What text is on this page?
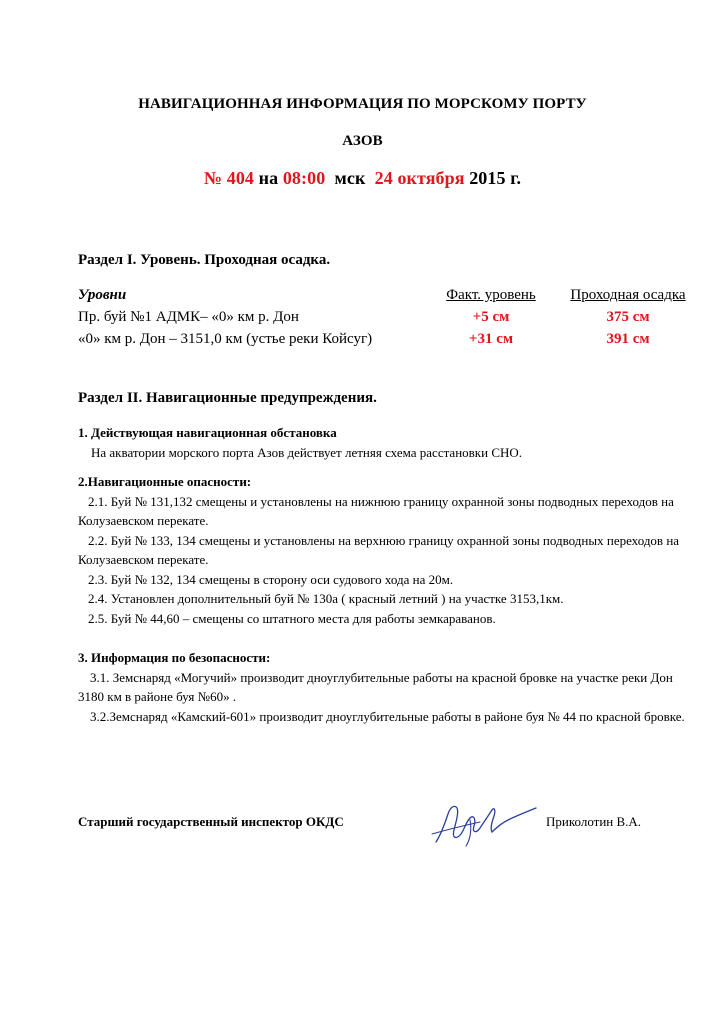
НАВИГАЦИОННАЯ ИНФОРМАЦИЯ ПО МОРСКОМУ ПОРТУ
АЗОВ
№ 404 на 08:00  мск  24 октября 2015 г.
Раздел I. Уровень. Проходная осадка.
Уровни	Факт. уровень	Проходная осадка
Пр. буй №1 АДМК– «0» км р. Дон	+5 см	375 см
«0» км р. Дон – 3151,0 км (устье реки Койсуг)	+31 см	391 см
Раздел II. Навигационные предупреждения.
1. Действующая навигационная обстановка

На акватории морского порта Азов действует летняя схема расстановки СНО.

2.Навигационные опасности:

2.1. Буй № 131,132 смещены и установлены на нижнюю границу охранной зоны подводных переходов на Колузаевском перекате.

2.2. Буй № 133, 134 смещены и установлены на верхнюю границу охранной зоны подводных переходов на Колузаевском перекате.

2.3. Буй № 132, 134 смещены в сторону оси судового хода на 20м.

2.4. Установлен дополнительный буй № 130а ( красный летний ) на участке 3153,1км.

2.5. Буй № 44,60 – смещены со штатного места для работы земкараванов.

3. Информация по безопасности:

3.1. Земснаряд «Могучий» производит дноуглубительные работы на красной бровке на участке реки Дон 3180 км в районе буя №60» .

3.2.Земснаряд «Камский-601» производит дноуглубительные работы в районе буя № 44 по красной бровке.

Старший государственный инспектор ОКДС	Приколотин В.А.
